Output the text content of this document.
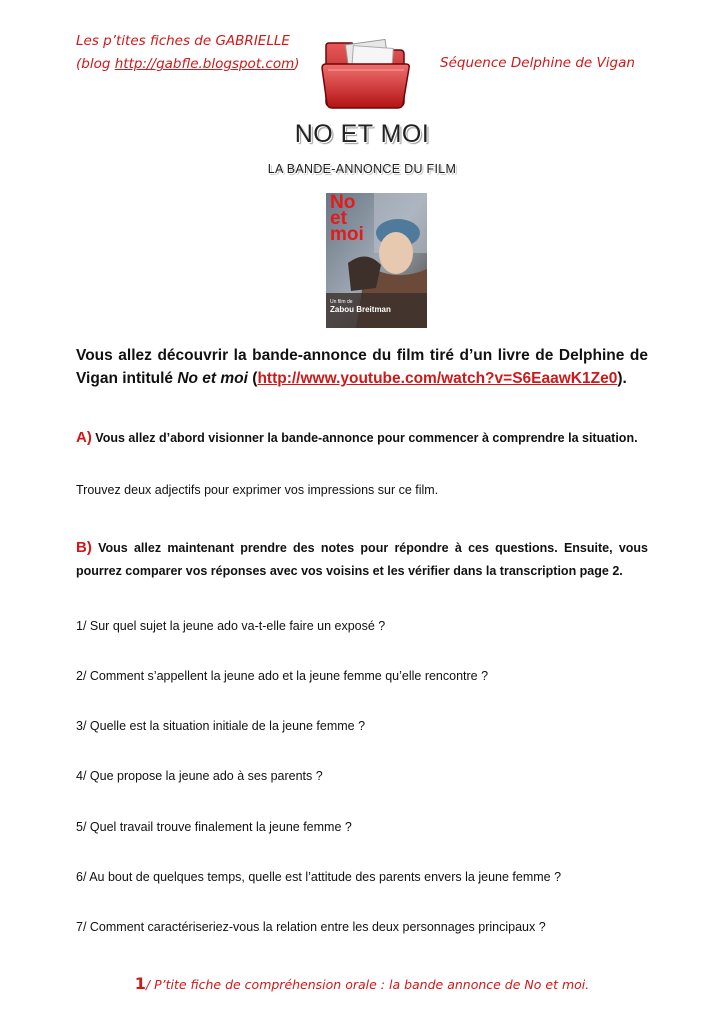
Les p’tites fiches de GABRIELLE
(blog http://gabfle.blogspot.com)	Séquence Delphine de Vigan
NO ET MOI
LA BANDE-ANNONCE DU FILM
No
et
moi
Un film de
Zabou Breitman
Vous allez découvrir la bande-annonce du film tiré d’un livre de Delphine de Vigan intitulé No et moi (http://www.youtube.com/watch?v=S6EaawK1Ze0).
A) Vous allez d’abord visionner la bande-annonce pour commencer à comprendre la situation.
Trouvez deux adjectifs pour exprimer vos impressions sur ce film.
B) Vous allez maintenant prendre des notes pour répondre à ces questions. Ensuite, vous pourrez comparer vos réponses avec vos voisins et les vérifier dans la transcription page 2.
1/ Sur quel sujet la jeune ado va-t-elle faire un exposé ?
2/ Comment s’appellent la jeune ado et la jeune femme qu’elle rencontre ?
3/ Quelle est la situation initiale de la jeune femme ?
4/ Que propose la jeune ado à ses parents ?
5/ Quel travail trouve finalement la jeune femme ?
6/ Au bout de quelques temps, quelle est l’attitude des parents envers la jeune femme ?
7/ Comment caractériseriez-vous la relation entre les deux personnages principaux ?
1/ P’tite fiche de compréhension orale : la bande annonce de No et moi.
